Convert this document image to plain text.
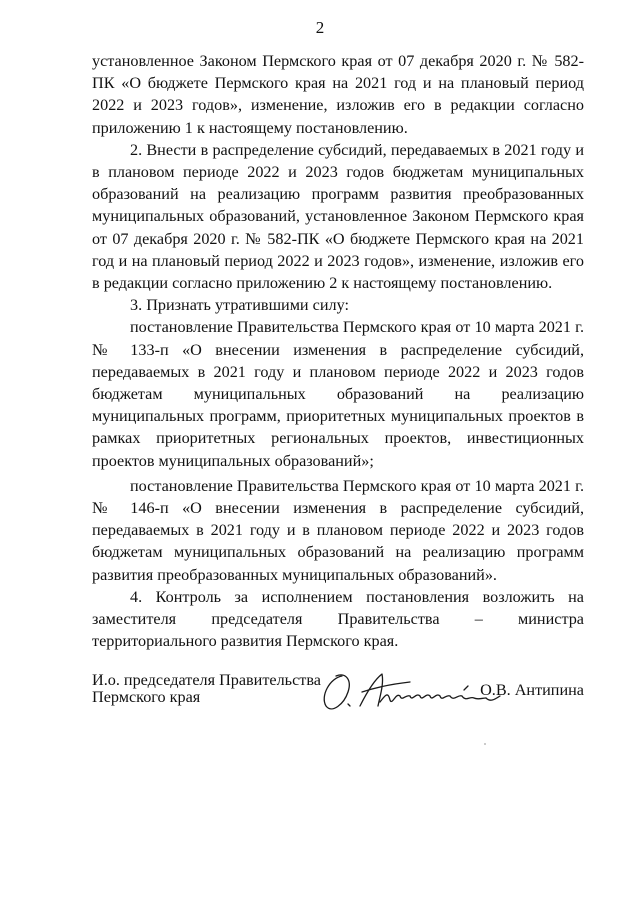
2

установленное Законом Пермского края от 07 декабря 2020 г. № 582-ПК «О бюджете Пермского края на 2021 год и на плановый период 2022 и 2023 годов», изменение, изложив его в редакции согласно приложению 1 к настоящему постановлению.

2. Внести в распределение субсидий, передаваемых в 2021 году и в плановом периоде 2022 и 2023 годов бюджетам муниципальных образований на реализацию программ развития преобразованных муниципальных образований, установленное Законом Пермского края от 07 декабря 2020 г. № 582-ПК «О бюджете Пермского края на 2021 год и на плановый период 2022 и 2023 годов», изменение, изложив его в редакции согласно приложению 2 к настоящему постановлению.

3. Признать утратившими силу:

постановление Правительства Пермского края от 10 марта 2021 г. № 133-п «О внесении изменения в распределение субсидий, передаваемых в 2021 году и плановом периоде 2022 и 2023 годов бюджетам муниципальных образований на реализацию муниципальных программ, приоритетных муниципальных проектов в рамках приоритетных региональных проектов, инвестиционных проектов муниципальных образований»;

постановление Правительства Пермского края от 10 марта 2021 г. № 146-п «О внесении изменения в распределение субсидий, передаваемых в 2021 году и в плановом периоде 2022 и 2023 годов бюджетам муниципальных образований на реализацию программ развития преобразованных муниципальных образований».

4. Контроль за исполнением постановления возложить на заместителя председателя Правительства – министра территориального развития Пермского края.

И.о. председателя Правительства
Пермского края	О.В. Антипина
